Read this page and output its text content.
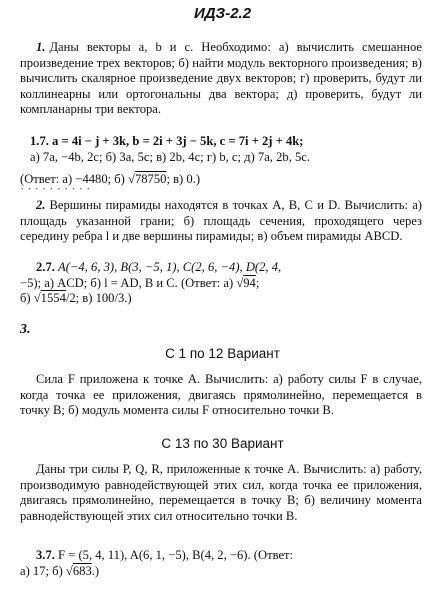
ИДЗ-2.2
1. Даны векторы a, b и c. Необходимо: а) вычислить смешанное произведение трех векторов; б) найти модуль векторного произведения; в) вычислить скалярное произведение двух векторов; г) проверить, будут ли коллинеарны или ортогональны два вектора; д) проверить, будут ли компланарны три вектора.
1.7. a = 4i − j + 3k, b = 2i + 3j − 5k, c = 7i + 2j + 4k;
а) 7a, −4b, 2c; б) 3a, 5c; в) 2b, 4c; г) b, c; д) 7a, 2b, 5c.
(Ответ: а) −4480; б) √78750; в) 0.)
· · · · · · · · · ·
2. Вершины пирамиды находятся в точках A, B, C и D. Вычислить: а) площадь указанной грани; б) площадь сечения, проходящего через середину ребра l и две вершины пирамиды; в) объем пирамиды ABCD.
2.7. A(−4, 6, 3), B(3, −5, 1), C(2, 6, −4), D(2, 4,
−5); а) ACD; б) l = AD, B и C. (Ответ: а) √94;
б) √1554/2; в) 100/3.)
3.
С 1 по 12 Вариант
Сила F приложена к точке A. Вычислить: а) работу силы F в случае, когда точка ее приложения, двигаясь прямолинейно, перемещается в точку B; б) модуль момента силы F относительно точки B.
С 13 по 30 Вариант
Даны три силы P, Q, R, приложенные к точке A. Вычислить: а) работу, производимую равнодействующей этих сил, когда точка ее приложения, двигаясь прямолинейно, перемещается в точку B; б) величину момента равнодействующей этих сил относительно точки B.
3.7. F = (5, 4, 11), A(6, 1, −5), B(4, 2, −6). (Ответ:
а) 17; б) √683.)
